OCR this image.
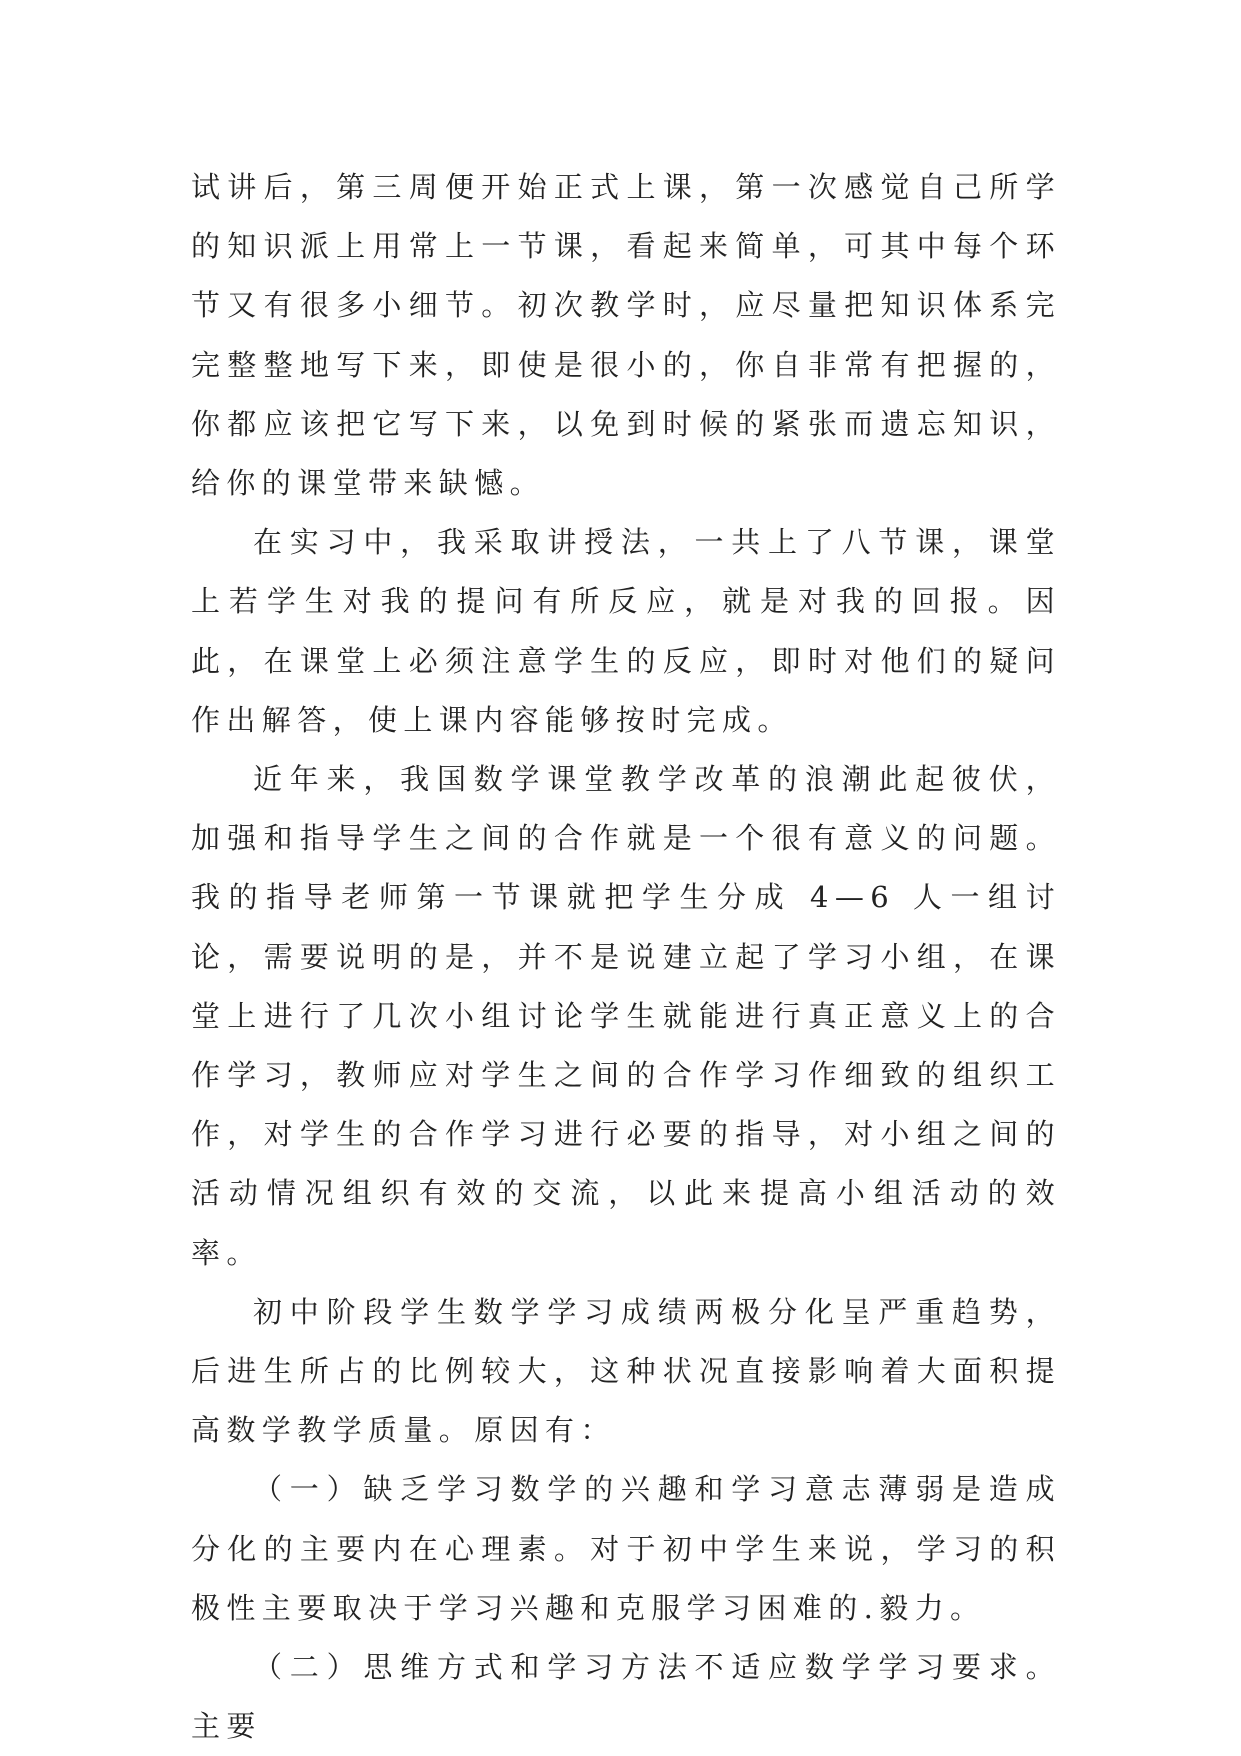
试讲后，第三周便开始正式上课，第一次感觉自己所学的知识派上用常上一节课，看起来简单，可其中每个环节又有很多小细节。初次教学时，应尽量把知识体系完完整整地写下来，即使是很小的，你自非常有把握的，你都应该把它写下来，以免到时候的紧张而遗忘知识，给你的课堂带来缺憾。

在实习中，我采取讲授法，一共上了八节课，课堂上若学生对我的提问有所反应，就是对我的回报。因此，在课堂上必须注意学生的反应，即时对他们的疑问作出解答，使上课内容能够按时完成。

近年来，我国数学课堂教学改革的浪潮此起彼伏，加强和指导学生之间的合作就是一个很有意义的问题。我的指导老师第一节课就把学生分成 4—6 人一组讨论，需要说明的是，并不是说建立起了学习小组，在课堂上进行了几次小组讨论学生就能进行真正意义上的合作学习，教师应对学生之间的合作学习作细致的组织工作，对学生的合作学习进行必要的指导，对小组之间的活动情况组织有效的交流，以此来提高小组活动的效率。

初中阶段学生数学学习成绩两极分化呈严重趋势，后进生所占的比例较大，这种状况直接影响着大面积提高数学教学质量。原因有：

（一）缺乏学习数学的兴趣和学习意志薄弱是造成分化的主要内在心理素。对于初中学生来说，学习的积极性主要取决于学习兴趣和克服学习困难的.毅力。

（二）思维方式和学习方法不适应数学学习要求。主要
